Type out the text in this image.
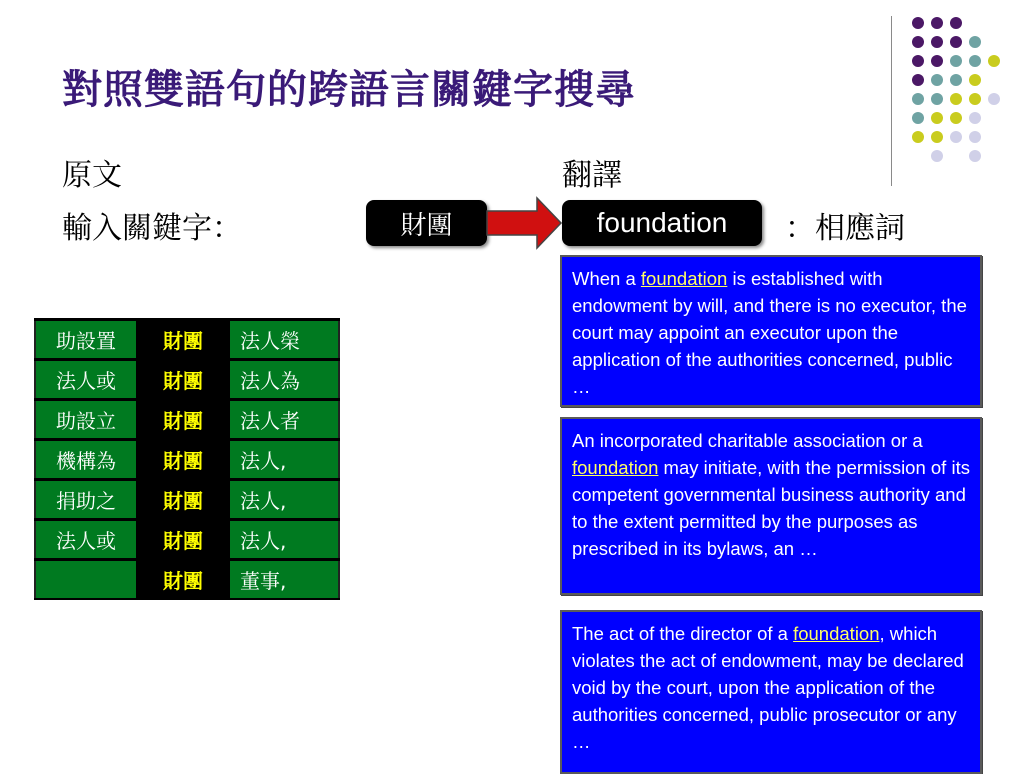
對照雙語句的跨語言關鍵字搜尋
原文	翻譯
輸入關鍵字：	財團	foundation	：相應詞
助設置	財團	法人榮
法人或	財團	法人為
助設立	財團	法人者
機構為	財團	法人,
捐助之	財團	法人,
法人或	財團	法人,
	財團	董事,
When a foundation is established with endowment by will, and there is no executor, the court may appoint an executor upon the application of the authorities concerned, public …
An incorporated charitable association or a foundation may initiate, with the permission of its competent governmental business authority and to the extent permitted by the purposes as prescribed in its bylaws, an …
The act of the director of a foundation, which violates the act of endowment, may be declared void by the court, upon the application of the authorities concerned, public prosecutor or any …
